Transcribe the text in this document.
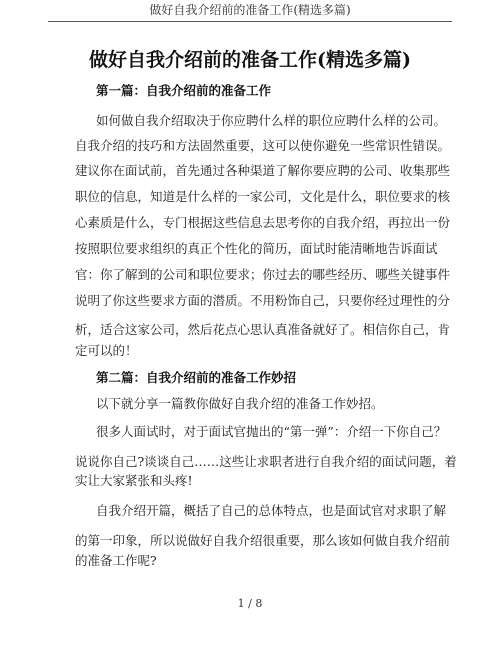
做好自我介绍前的准备工作(精选多篇)
做好自我介绍前的准备工作(精选多篇)
第一篇：自我介绍前的准备工作
如何做自我介绍取决于你应聘什么样的职位应聘什么样的公司。
自我介绍的技巧和方法固然重要，这可以使你避免一些常识性错误。
建议你在面试前，首先通过各种渠道了解你要应聘的公司、收集那些
职位的信息，知道是什么样的一家公司，文化是什么，职位要求的核
心素质是什么，专门根据这些信息去思考你的自我介绍，再拉出一份
按照职位要求组织的真正个性化的简历，面试时能清晰地告诉面试
官：你了解到的公司和职位要求；你过去的哪些经历、哪些关键事件
说明了你这些要求方面的潜质。不用粉饰自己，只要你经过理性的分
析，适合这家公司，然后花点心思认真准备就好了。相信你自己，肯
定可以的！
第二篇：自我介绍前的准备工作妙招
以下就分享一篇教你做好自我介绍的准备工作妙招。
很多人面试时，对于面试官抛出的“第一弹”：介绍一下你自己？
说说你自己?谈谈自己……这些让求职者进行自我介绍的面试问题，着
实让大家紧张和头疼!
自我介绍开篇，概括了自己的总体特点，也是面试官对求职了解
的第一印象，所以说做好自我介绍很重要，那么该如何做自我介绍前
的准备工作呢?
1 / 8
